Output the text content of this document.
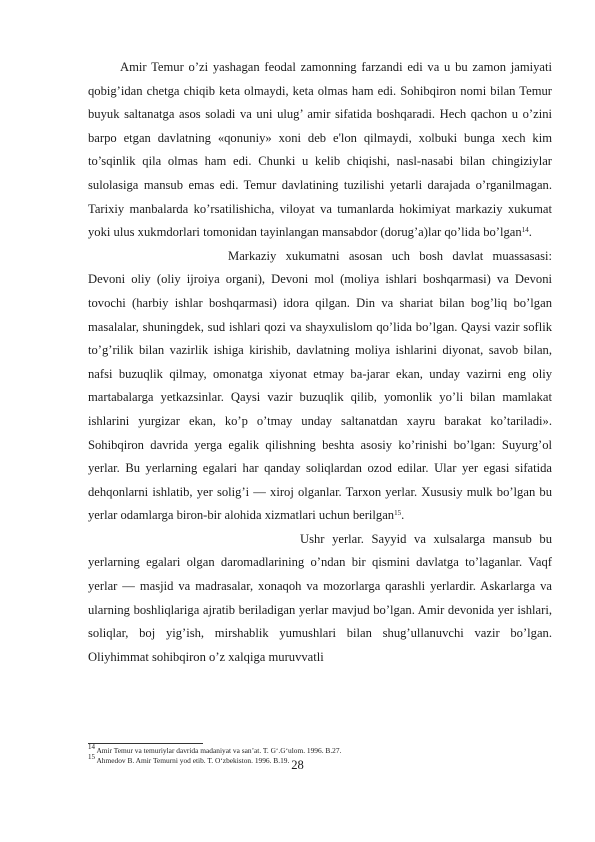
Amir Temur o’zi yashagan feodal zamonning farzandi edi va u bu zamon jamiyati qobig’idan chetga chiqib keta olmaydi, keta olmas ham edi. Sohibqiron nomi bilan Temur buyuk saltanatga asos soladi va uni ulug’ amir sifatida boshqaradi. Hech qachon u o’zini barpo etgan davlatning «qonuniy» xoni deb e'lon qilmaydi, xolbuki bunga xech kim to’sqinlik qila olmas ham edi. Chunki u kelib chiqishi, nasl-nasabi bilan chingiziylar sulolasiga mansub emas edi. Temur davlatining tuzilishi yetarli darajada o’rganilmagan. Tarixiy manbalarda ko’rsatilishicha, viloyat va tumanlarda hokimiyat markaziy xukumat yoki ulus xukmdorlari tomonidan tayinlangan mansabdor (dorug’a)lar qo’lida bo’lgan$^{14}$.

Markaziy xukumatni asosan uch bosh davlat muassasasi: Devoni oliy (oliy ijroiya organi), Devoni mol (moliya ishlari boshqarmasi) va Devoni tovochi (harbiy ishlar boshqarmasi) idora qilgan. Din va shariat bilan bog’liq bo’lgan masalalar, shuningdek, sud ishlari qozi va shayxulislom qo’lida bo’lgan. Qaysi vazir soflik to’g’rilik bilan vazirlik ishiga kirishib, davlatning moliya ishlarini diyonat, savob bilan, nafsi buzuqlik qilmay, omonatga xiyonat etmay ba-jarar ekan, unday vazirni eng oliy martabalarga yetkazsinlar. Qaysi vazir buzuqlik qilib, yomonlik yo’li bilan mamlakat ishlarini yurgizar ekan, ko’p o’tmay unday saltanatdan xayru barakat ko’tariladi». Sohibqiron davrida yerga egalik qilishning beshta asosiy ko’rinishi bo’lgan: Suyurg’ol yerlar. Bu yerlarning egalari har qanday soliqlardan ozod edilar. Ular yer egasi sifatida dehqonlarni ishlatib, yer solig’i — xiroj olganlar. Tarxon yerlar. Xususiy mulk bo’lgan bu yerlar odamlarga biron-bir alohida xizmatlari uchun berilgan$^{15}$.

Ushr yerlar. Sayyid va xulsalarga mansub bu yerlarning egalari olgan daromadlarining o’ndan bir qismini davlatga to’laganlar. Vaqf yerlar — masjid va madrasalar, xonaqoh va mozorlarga qarashli yerlardir. Askarlarga va ularning boshliqlariga ajratib beriladigan yerlar mavjud bo’lgan. Amir devonida yer ishlari, soliqlar, boj yig’ish, mirshablik yumushlari bilan shug’ullanuvchi vazir bo’lgan. Oliyhimmat sohibqiron o’z xalqiga muruvvatli

$^{14}$ Amir Temur va temuriylar davrida madaniyat va san’at. T. G‘.G‘ulom. 1996. B.27.

$^{15}$ Ahmedov B. Amir Temurni yod etib. T. O‘zbekiston. 1996. B.19. 28
